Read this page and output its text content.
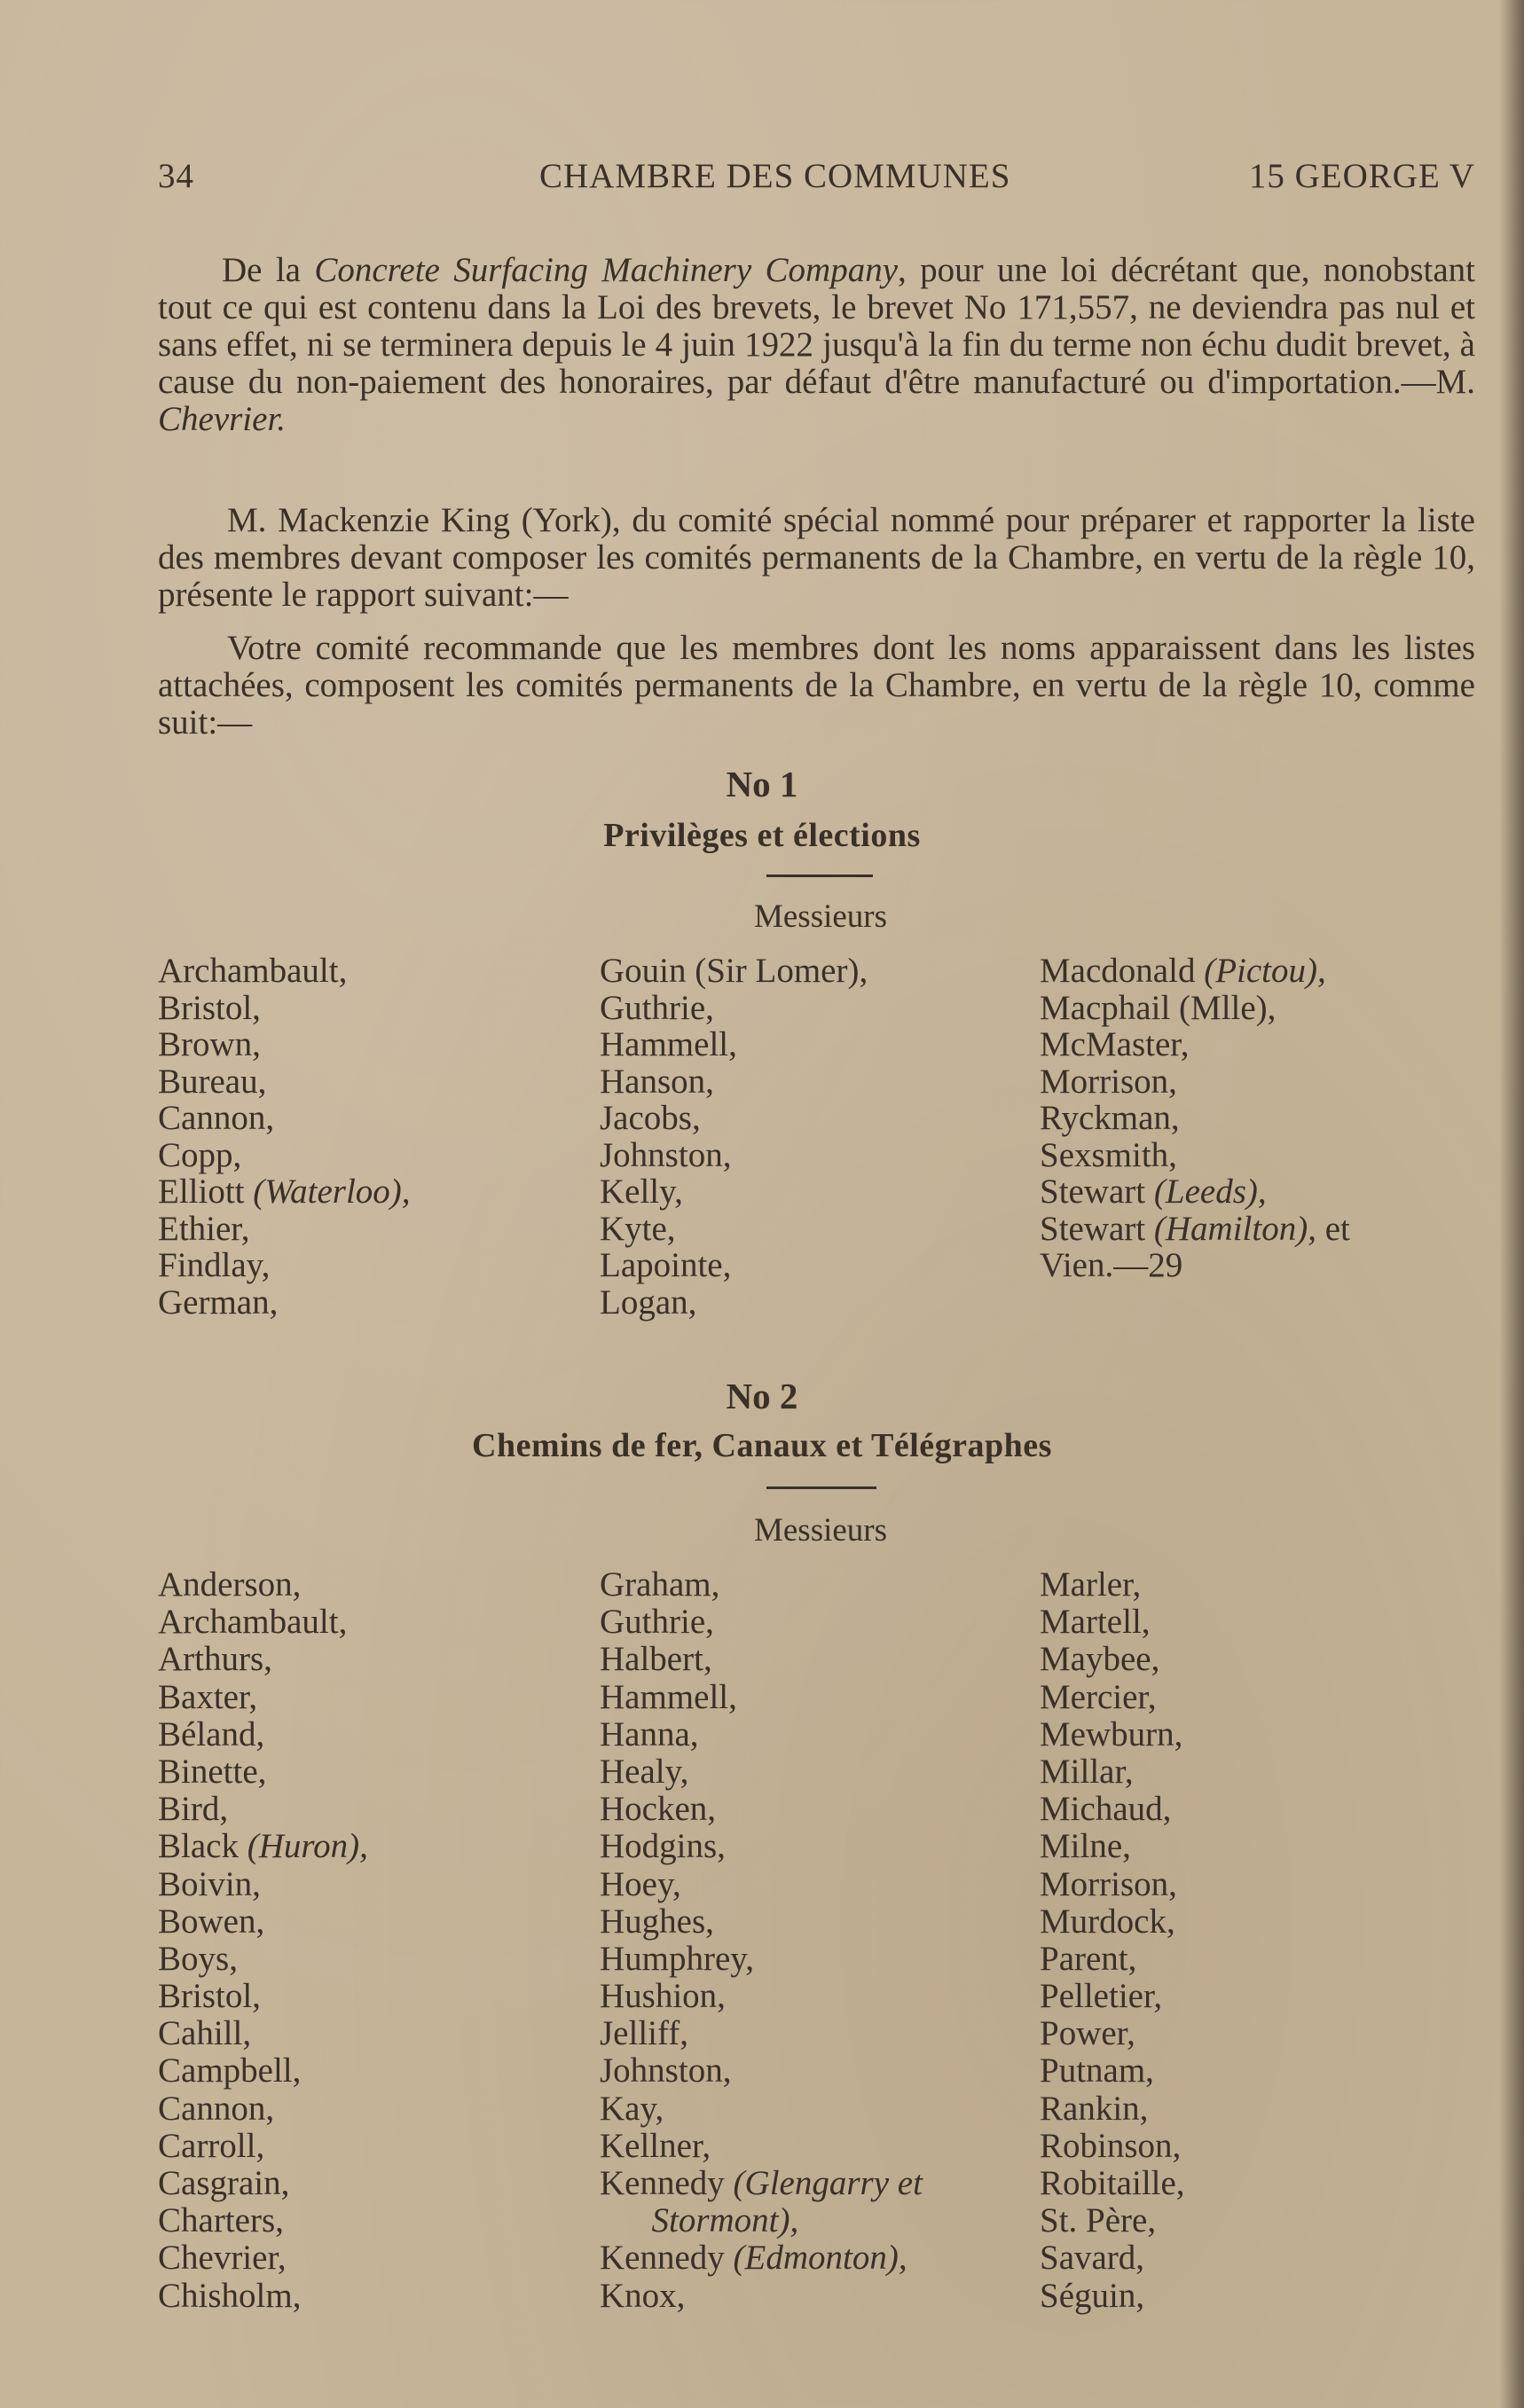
34	CHAMBRE DES COMMUNES	15 GEORGE V
De la Concrete Surfacing Machinery Company, pour une loi décrétant que, nonobstant tout ce qui est contenu dans la Loi des brevets, le brevet No 171,557, ne deviendra pas nul et sans effet, ni se terminera depuis le 4 juin 1922 jusqu'à la fin du terme non échu dudit brevet, à cause du non-paiement des honoraires, par défaut d'être manufacturé ou d'importation.—M. Chevrier.
M. Mackenzie King (York), du comité spécial nommé pour préparer et rapporter la liste des membres devant composer les comités permanents de la Chambre, en vertu de la règle 10, présente le rapport suivant:—
Votre comité recommande que les membres dont les noms apparaissent dans les listes attachées, composent les comités permanents de la Chambre, en vertu de la règle 10, comme suit:—
No 1
Privilèges et élections
Messieurs
Archambault,
Bristol,
Brown,
Bureau,
Cannon,
Copp,
Elliott (Waterloo),
Ethier,
Findlay,
German,
Gouin (Sir Lomer),
Guthrie,
Hammell,
Hanson,
Jacobs,
Johnston,
Kelly,
Kyte,
Lapointe,
Logan,
Macdonald (Pictou),
Macphail (Mlle),
McMaster,
Morrison,
Ryckman,
Sexsmith,
Stewart (Leeds),
Stewart (Hamilton), et
Vien.—29
No 2
Chemins de fer, Canaux et Télégraphes
Messieurs
Anderson,
Archambault,
Arthurs,
Baxter,
Béland,
Binette,
Bird,
Black (Huron),
Boivin,
Bowen,
Boys,
Bristol,
Cahill,
Campbell,
Cannon,
Carroll,
Casgrain,
Charters,
Chevrier,
Chisholm,
Graham,
Guthrie,
Halbert,
Hammell,
Hanna,
Healy,
Hocken,
Hodgins,
Hoey,
Hughes,
Humphrey,
Hushion,
Jelliff,
Johnston,
Kay,
Kellner,
Kennedy (Glengarry et
Stormont),
Kennedy (Edmonton),
Knox,
Marler,
Martell,
Maybee,
Mercier,
Mewburn,
Millar,
Michaud,
Milne,
Morrison,
Murdock,
Parent,
Pelletier,
Power,
Putnam,
Rankin,
Robinson,
Robitaille,
St. Père,
Savard,
Séguin,
